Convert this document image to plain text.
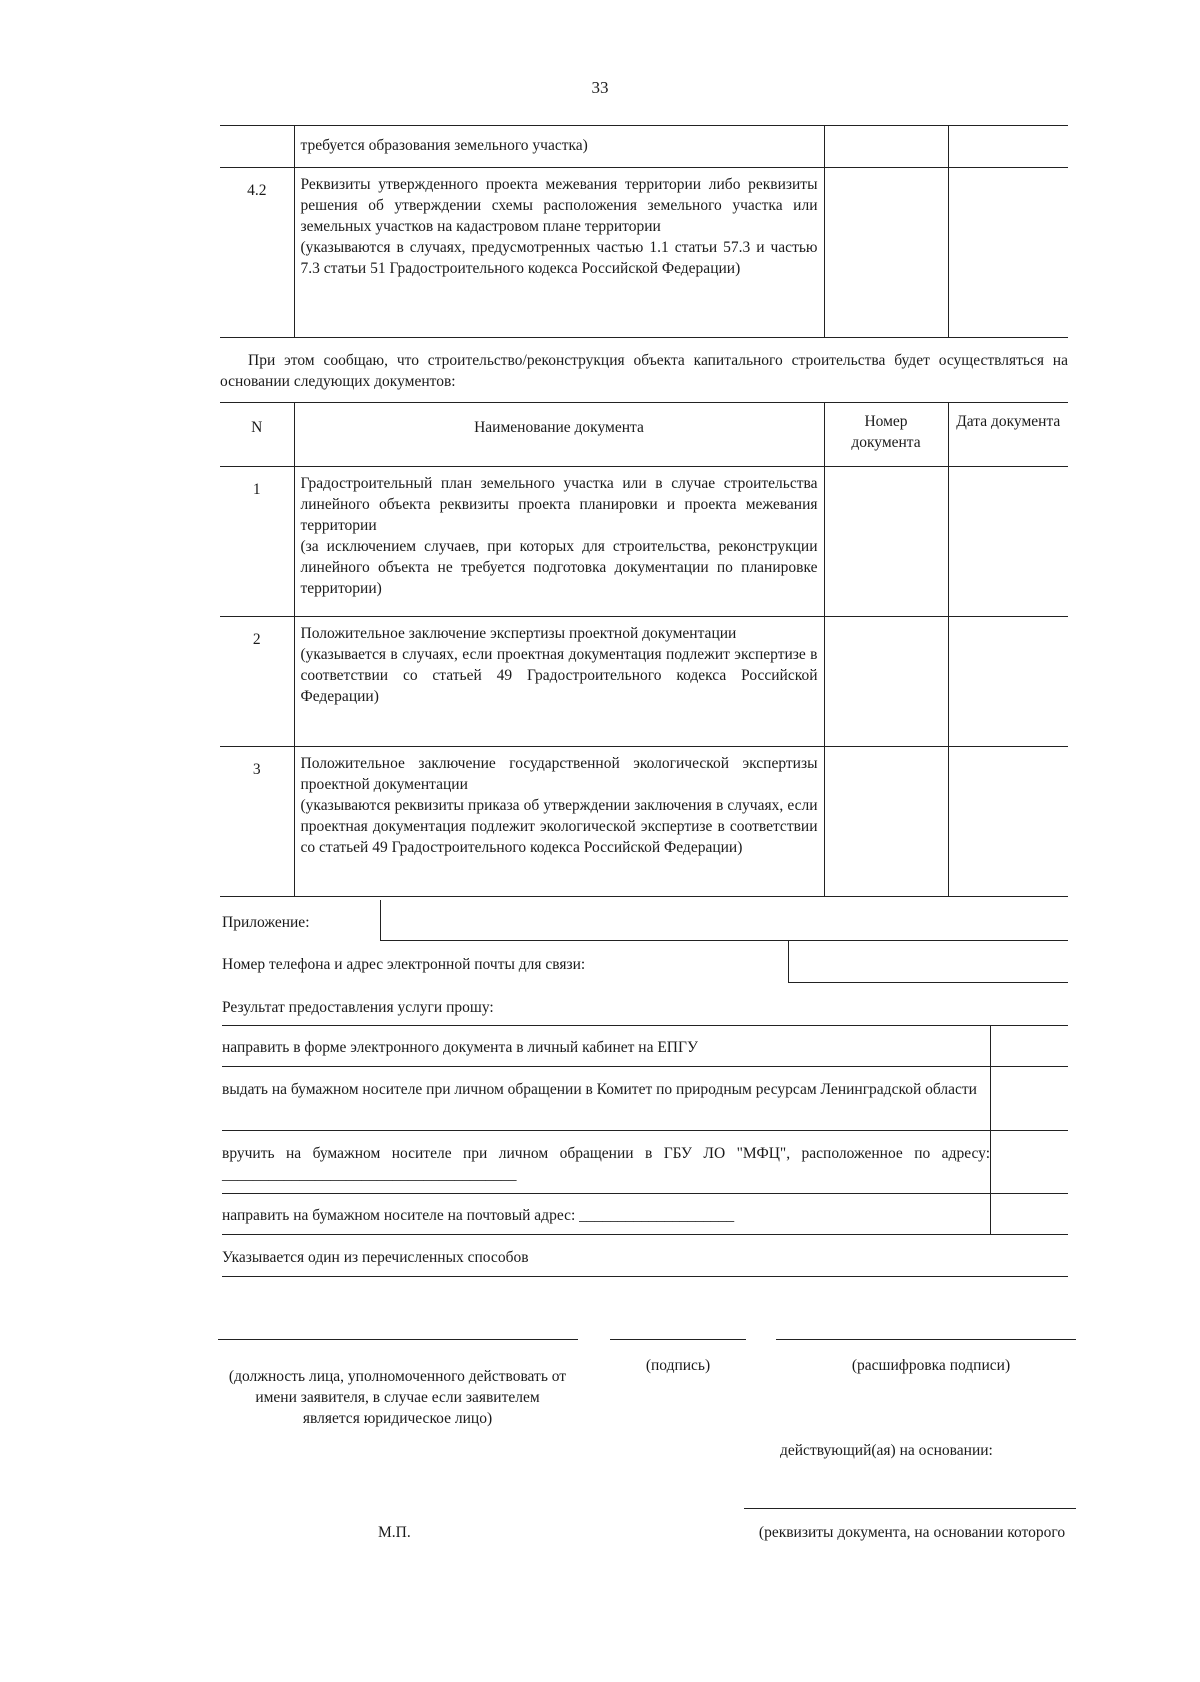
33
	требуется образования земельного участка)		
4.2	Реквизиты утвержденного проекта межевания территории либо реквизиты решения об утверждении схемы расположения земельного участка или земельных участков на кадастровом плане территории
(указываются в случаях, предусмотренных частью 1.1 статьи 57.3 и частью 7.3 статьи 51 Градостроительного кодекса Российской Федерации)		
При этом сообщаю, что строительство/реконструкция объекта капитального строительства будет осуществляться на основании следующих документов:
N	Наименование документа	Номер документа	Дата документа
1	Градостроительный план земельного участка или в случае строительства линейного объекта реквизиты проекта планировки и проекта межевания территории
(за исключением случаев, при которых для строительства, реконструкции линейного объекта не требуется подготовка документации по планировке территории)		
2	Положительное заключение экспертизы проектной документации
(указывается в случаях, если проектная документация подлежит экспертизе в соответствии со статьей 49 Градостроительного кодекса Российской Федерации)		
3	Положительное заключение государственной экологической экспертизы проектной документации
(указываются реквизиты приказа об утверждении заключения в случаях, если проектная документация подлежит экологической экспертизе в соответствии со статьей 49 Градостроительного кодекса Российской Федерации)		
Приложение:
Номер телефона и адрес электронной почты для связи:
Результат предоставления услуги прошу:
направить в форме электронного документа в личный кабинет на ЕПГУ
выдать на бумажном носителе при личном обращении в Комитет по природным ресурсам Ленинградской области
вручить на бумажном носителе при личном обращении в ГБУ ЛО "МФЦ", расположенное по адресу: ______________________________________
направить на бумажном носителе на почтовый адрес: ____________________
Указывается один из перечисленных способов
(должность лица, уполномоченного действовать от имени заявителя, в случае если заявителем является юридическое лицо)
(подпись)	(расшифровка подписи)
действующий(ая) на основании:
М.П.	(реквизиты документа, на основании которого
